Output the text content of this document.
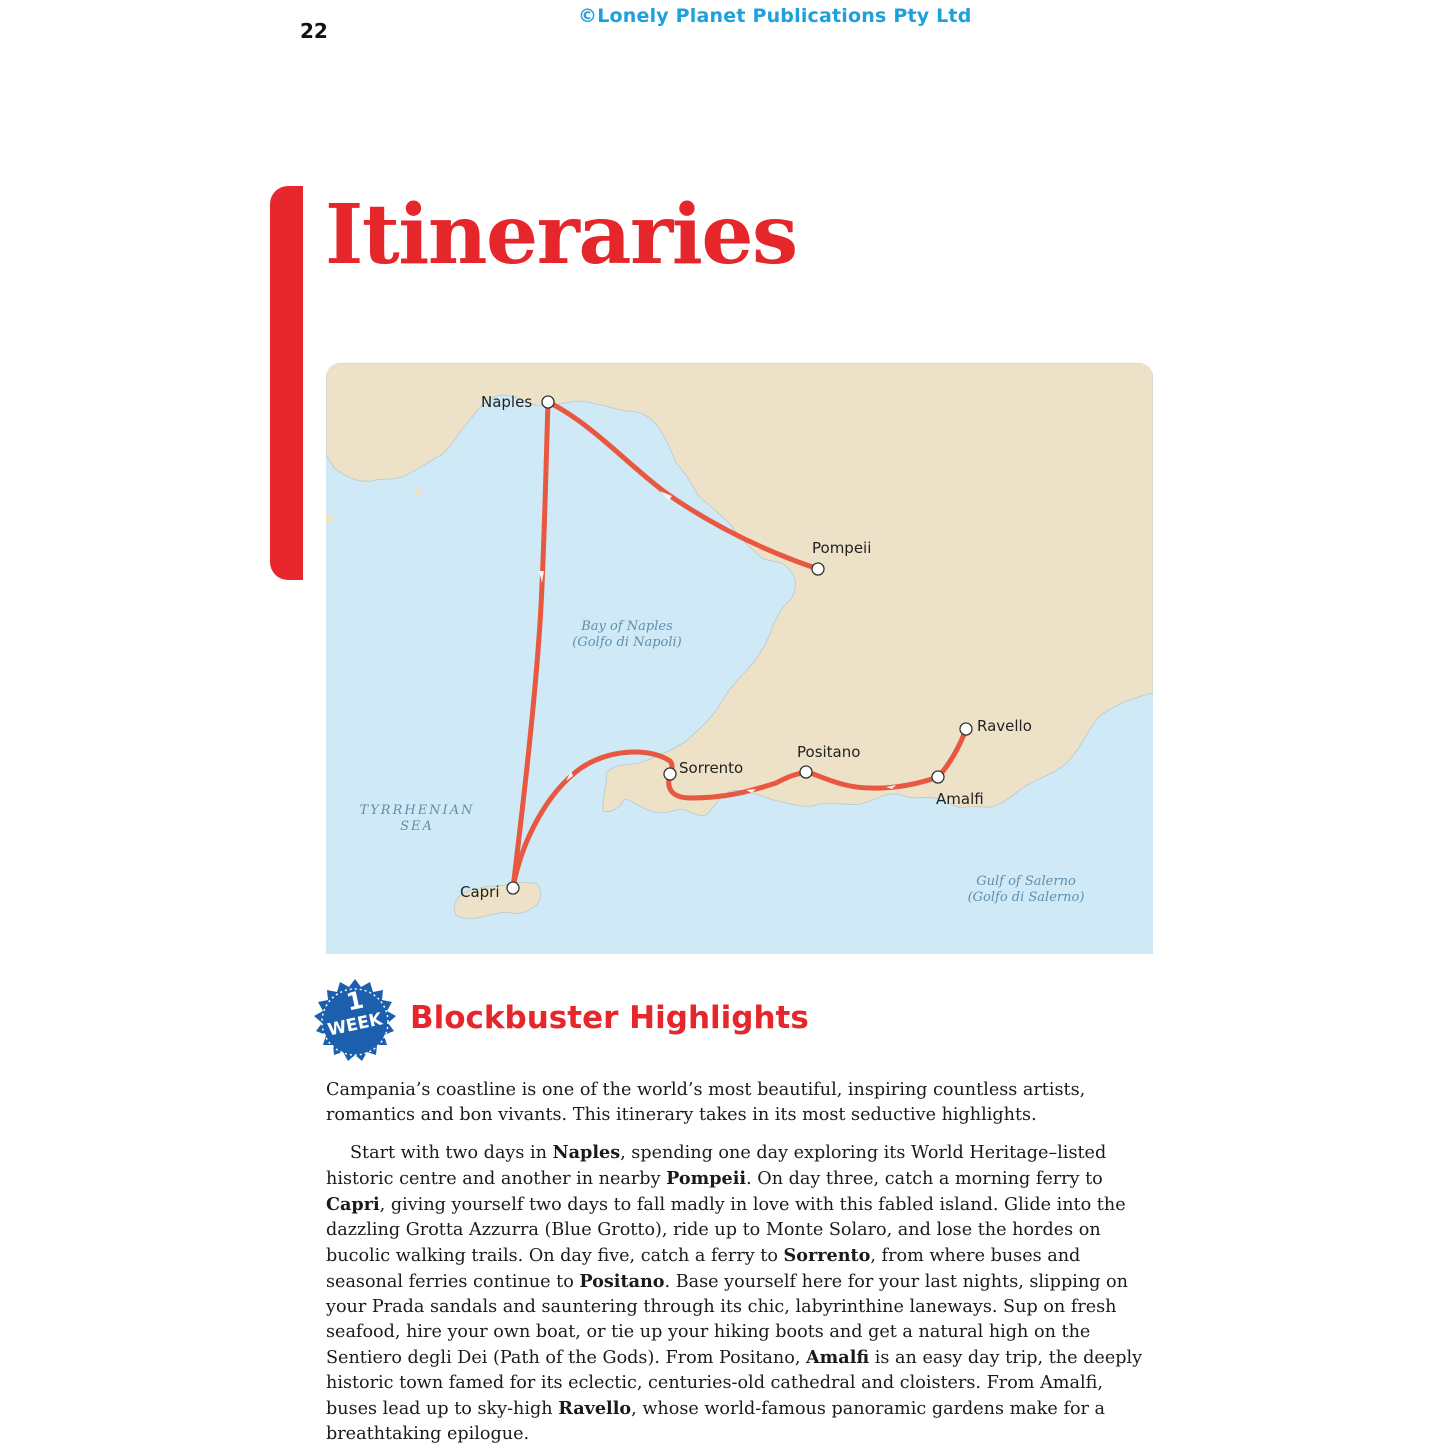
22
©Lonely Planet Publications Pty Ltd
Itineraries
Naples
Pompeii
Capri
Sorrento
Positano
Amalfi
Ravello
Bay of Naples
(Golfo di Napoli)
TYRRHENIAN
SEA
Gulf of Salerno
(Golfo di Salerno)
1
WEEK Blockbuster Highlights

Campania’s coastline is one of the world’s most beautiful, inspiring countless artists, romantics and bon vivants. This itinerary takes in its most seductive highlights.

Start with two days in Naples, spending one day exploring its World Heritage–listed historic centre and another in nearby Pompeii. On day three, catch a morning ferry to Capri, giving yourself two days to fall madly in love with this fabled island. Glide into the dazzling Grotta Azzurra (Blue Grotto), ride up to Monte Solaro, and lose the hordes on bucolic walking trails. On day five, catch a ferry to Sorrento, from where buses and seasonal ferries continue to Positano. Base yourself here for your last nights, slipping on your Prada sandals and sauntering through its chic, labyrinthine laneways. Sup on fresh seafood, hire your own boat, or tie up your hiking boots and get a natural high on the Sentiero degli Dei (Path of the Gods). From Positano, Amalfi is an easy day trip, the deeply historic town famed for its eclectic, centuries-old cathedral and cloisters. From Amalfi, buses lead up to sky-high Ravello, whose world-famous panoramic gardens make for a breathtaking epilogue.
